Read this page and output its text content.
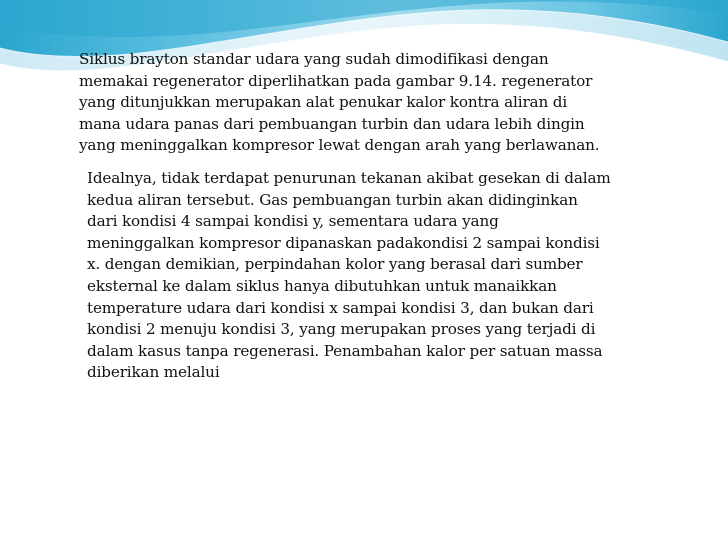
Siklus brayton standar udara yang sudah dimodifikasi dengan
memakai regenerator diperlihatkan pada gambar 9.14. regenerator
yang ditunjukkan merupakan alat penukar kalor kontra aliran di
mana udara panas dari pembuangan turbin dan udara lebih dingin
yang meninggalkan kompresor lewat dengan arah yang berlawanan.
Idealnya, tidak terdapat penurunan tekanan akibat gesekan di dalam
kedua aliran tersebut. Gas pembuangan turbin akan didinginkan
dari kondisi 4 sampai kondisi y, sementara udara yang
meninggalkan kompresor dipanaskan padakondisi 2 sampai kondisi
x. dengan demikian, perpindahan kolor yang berasal dari sumber
eksternal ke dalam siklus hanya dibutuhkan untuk manaikkan
temperature udara dari kondisi x sampai kondisi 3, dan bukan dari
kondisi 2 menuju kondisi 3, yang merupakan proses yang terjadi di
dalam kasus tanpa regenerasi. Penambahan kalor per satuan massa
diberikan melalui
